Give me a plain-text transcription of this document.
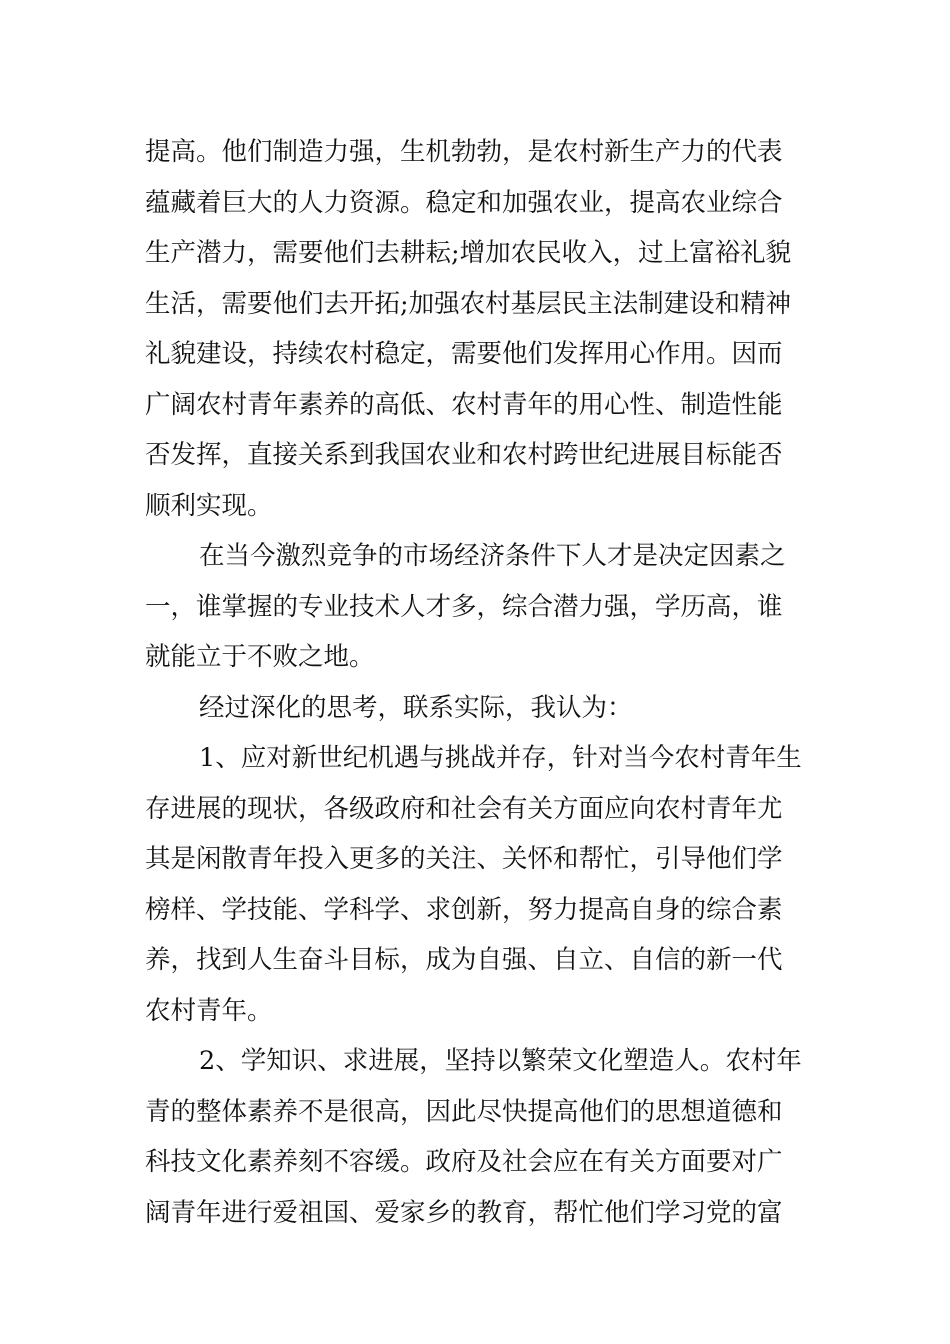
提高。他们制造力强，生机勃勃，是农村新生产力的代表
蕴藏着巨大的人力资源。稳定和加强农业，提高农业综合
生产潜力，需要他们去耕耘;增加农民收入，过上富裕礼貌
生活，需要他们去开拓;加强农村基层民主法制建设和精神
礼貌建设，持续农村稳定，需要他们发挥用心作用。因而
广阔农村青年素养的高低、农村青年的用心性、制造性能
否发挥，直接关系到我国农业和农村跨世纪进展目标能否
顺利实现。
在当今激烈竞争的市场经济条件下人才是决定因素之
一，谁掌握的专业技术人才多，综合潜力强，学历高，谁
就能立于不败之地。
经过深化的思考，联系实际，我认为：
1、应对新世纪机遇与挑战并存，针对当今农村青年生
存进展的现状，各级政府和社会有关方面应向农村青年尤
其是闲散青年投入更多的关注、关怀和帮忙，引导他们学
榜样、学技能、学科学、求创新，努力提高自身的综合素
养，找到人生奋斗目标，成为自强、自立、自信的新一代
农村青年。
2、学知识、求进展，坚持以繁荣文化塑造人。农村年
青的整体素养不是很高，因此尽快提高他们的思想道德和
科技文化素养刻不容缓。政府及社会应在有关方面要对广
阔青年进行爱祖国、爱家乡的教育，帮忙他们学习党的富
